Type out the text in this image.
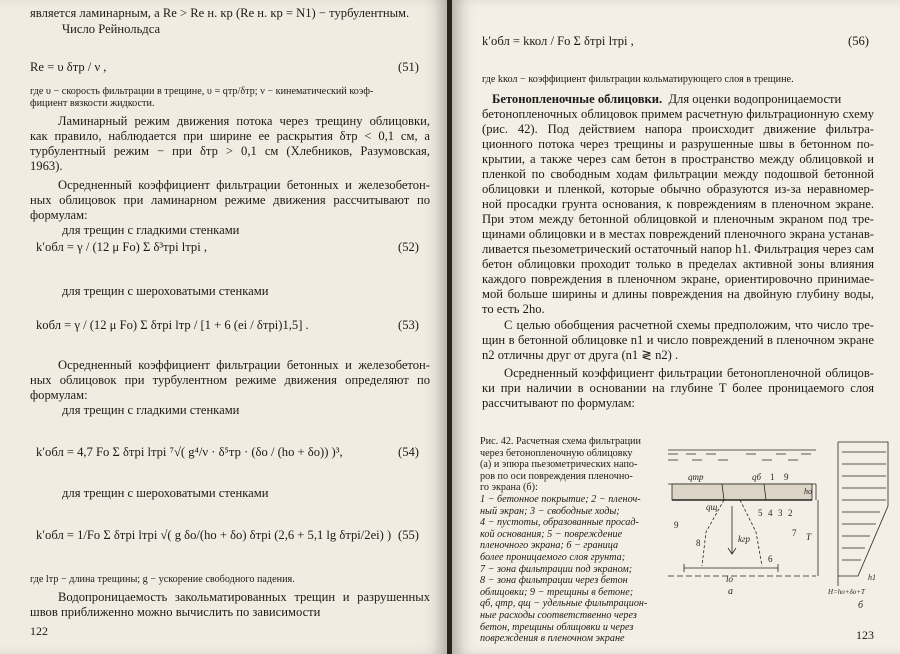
является ламинарным, а Re > Re н. кр (Re н. кр = N1) − турбулентным.
Число Рейнольдса
Re = υ δтр / ν ,	(51)
где υ − скорость фильтрации в трещине, υ = qтр/δтр; ν − кинематический коэф-
фициент вязкости жидкости.
Ламинарный режим движения потока через трещину облицовки,
как правило, наблюдается при ширине ее раскрытия δтр < 0,1 см, а
турбулентный режим − при δтр > 0,1 см (Хлебников, Разумовская,
1963).
Осредненный коэффициент фильтрации бетонных и железобетон-
ных облицовок при ламинарном режиме движения рассчитывают по
формулам:
для трещин с гладкими стенками
k′обл = γ / (12 μ Fо) Σ δ³трi lтрi ,	(52)
для трещин с шероховатыми стенками
kобл = γ / (12 μ Fо) Σ δтрi lтр / [1 + 6 (ei / δтрi)1,5] .	(53)
Осредненный коэффициент фильтрации бетонных и железобетон-
ных облицовок при турбулентном режиме движения определяют по
формулам:
для трещин с гладкими стенками
k′обл = 4,7 Fо Σ δтрi lтрi ⁷√( g⁴/ν · δ⁵тр · (δо / (hо + δо)) )³,	(54)
для трещин с шероховатыми стенками
k′обл = 1/Fо Σ δтрi lтрi √( g δо/(hо + δо) δтрi (2,6 + 5,1 lg δтрi/2ei) ) (55)
где lтр − длина трещины; g − ускорение свободного падения.
Водопроницаемость закольматированных трещин и разрушенных
швов приближенно можно вычислить по зависимости
122
k′обл = kкол / Fо Σ δтрi lтрi ,	(56)
где kкол − коэффициент фильтрации кольматирующего слоя в трещине.
Бетонопленочные облицовки. Для оценки водопроницаемости
бетонопленочных облицовок примем расчетную фильтрационную схему
(рис. 42). Под действием напора происходит движение фильтра-
ционного потока через трещины и разрушенные швы в бетонном по-
крытии, а также через сам бетон в пространство между облицовкой и
пленкой по свободным ходам фильтрации между подошвой бетонной
облицовки и пленкой, которые обычно образуются из-за неравномер-
ной просадки грунта основания, к повреждениям в пленочном экране.
При этом между бетонной облицовкой и пленочным экраном под тре-
щинами облицовки и в местах повреждений пленочного экрана устанав-
ливается пьезометрический остаточный напор h1. Фильтрация через сам
бетон облицовки проходит только в пределах активной зоны влияния
каждого повреждения в пленочном экране, ориентировочно принимае-
мой больше ширины и длины повреждения на двойную глубину воды,
то есть 2hо.
С целью обобщения расчетной схемы предположим, что число тре-
щин в бетонной облицовке n1 и число повреждений в пленочном экране
n2 отличны друг от друга (n1 ≷ n2) .
Осредненный коэффициент фильтрации бетонопленочной облицов-
ки при наличии в основании на глубине T более проницаемого слоя
рассчитывают по формулам:
Рис. 42. Расчетная схема фильтрации
через бетонопленочную облицовку
(а) и эпюра пьезометрических напо-
ров по оси повреждения пленочно-
го экрана (б):
1 − бетонное покрытие; 2 − пленоч-
ный экран; 3 − свободные ходы;
4 − пустоты, образованные просад-
кой основания; 5 − повреждение
пленочного экрана; 6 − граница
более проницаемого слоя грунта;
7 − зона фильтрации под экраном;
8 − зона фильтрации через бетон
облицовки; 9 − трещины в бетоне;
qб, qтр, qщ − удельные фильтрацион-
ные расходы соответственно через
бетон, трещины облицовки и через
повреждения в пленочном экране
qтр	qб 1 9
qщ
5 4 3 2
9
8
7
kгр
6
lо
hо
T
а
h1
H=hо+δо+T
б
123
